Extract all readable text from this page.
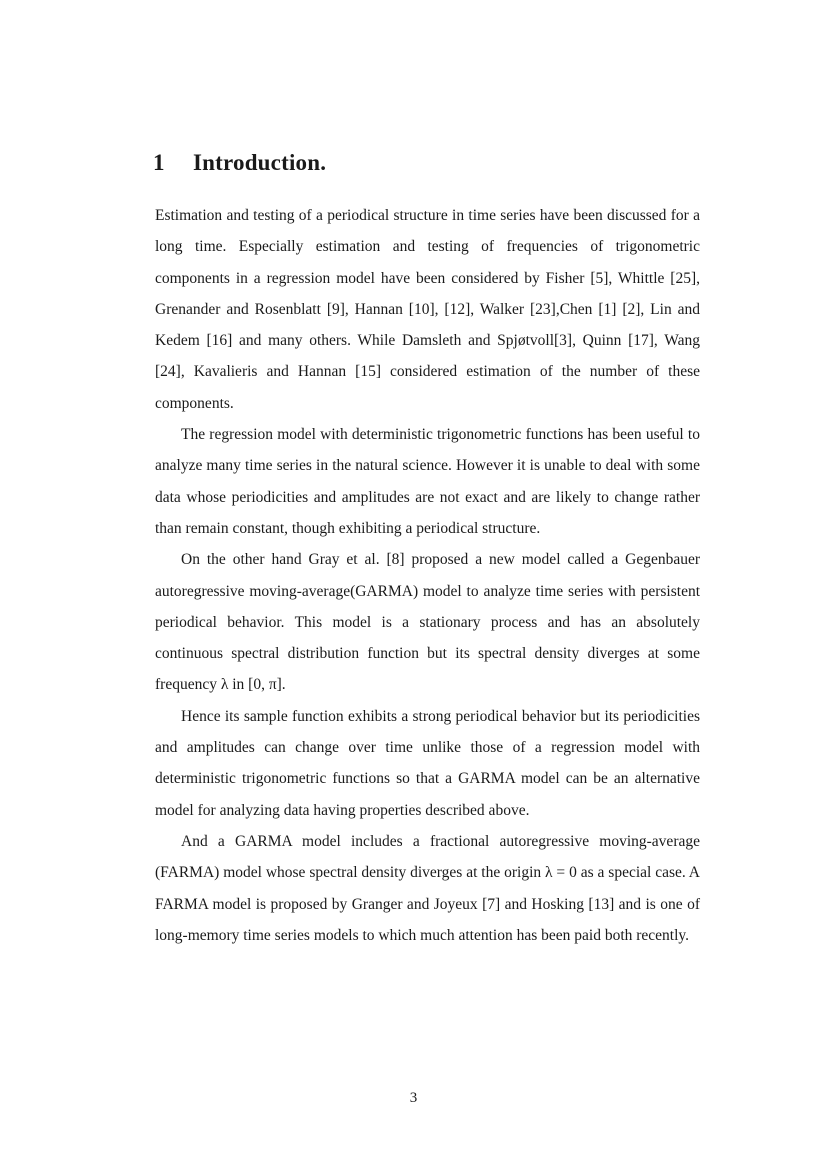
1 Introduction.

Estimation and testing of a periodical structure in time series have been discussed for a long time. Especially estimation and testing of frequencies of trigonometric components in a regression model have been considered by Fisher [5], Whittle [25], Grenander and Rosenblatt [9], Hannan [10], [12], Walker [23],Chen [1] [2], Lin and Kedem [16] and many others. While Damsleth and Spjøtvoll[3], Quinn [17], Wang [24], Kavalieris and Hannan [15] considered estimation of the number of these components.

The regression model with deterministic trigonometric functions has been useful to analyze many time series in the natural science. However it is unable to deal with some data whose periodicities and amplitudes are not exact and are likely to change rather than remain constant, though exhibiting a periodical structure.

On the other hand Gray et al. [8] proposed a new model called a Gegenbauer autoregressive moving-average(GARMA) model to analyze time series with persistent periodical behavior. This model is a stationary process and has an absolutely continuous spectral distribution function but its spectral density diverges at some frequency λ in [0, π].

Hence its sample function exhibits a strong periodical behavior but its periodicities and amplitudes can change over time unlike those of a regression model with deterministic trigonometric functions so that a GARMA model can be an alternative model for analyzing data having properties described above.

And a GARMA model includes a fractional autoregressive moving-average (FARMA) model whose spectral density diverges at the origin λ = 0 as a special case. A FARMA model is proposed by Granger and Joyeux [7] and Hosking [13] and is one of long-memory time series models to which much attention has been paid both recently.

3
